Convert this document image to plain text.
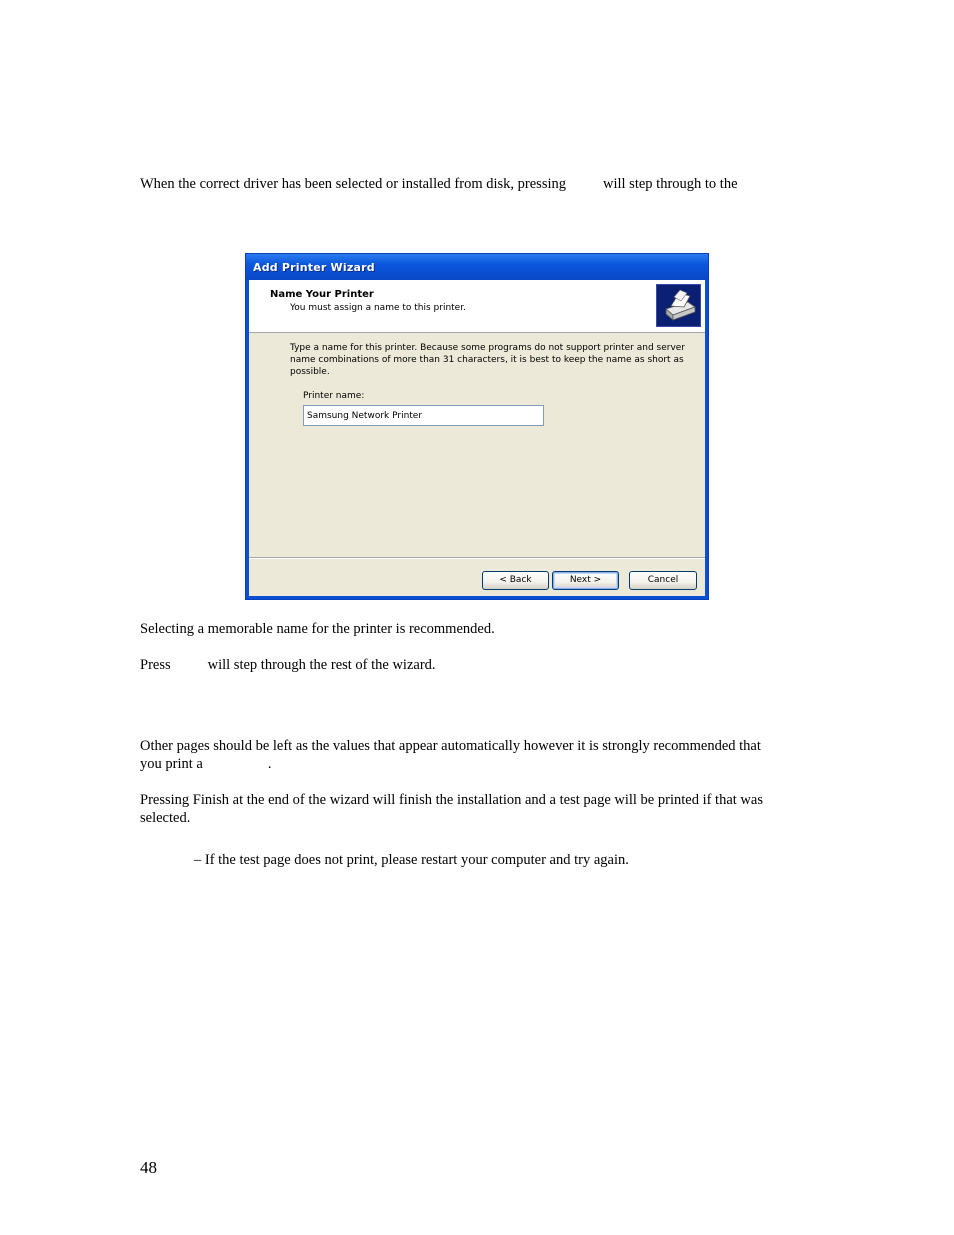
When the correct driver has been selected or installed from disk, pressing	will step through to the
Add Printer Wizard
Name Your Printer
You must assign a name to this printer.
Type a name for this printer. Because some programs do not support printer and server name combinations of more than 31 characters, it is best to keep the name as short as possible.
Printer name:
Samsung Network Printer
< Back	Next >	Cancel
Selecting a memorable name for the printer is recommended.
Press	will step through the rest of the wizard.
Other pages should be left as the values that appear automatically however it is strongly recommended that
you print a	.
Pressing Finish at the end of the wizard will finish the installation and a test page will be printed if that was
selected.
– If the test page does not print, please restart your computer and try again.
48
